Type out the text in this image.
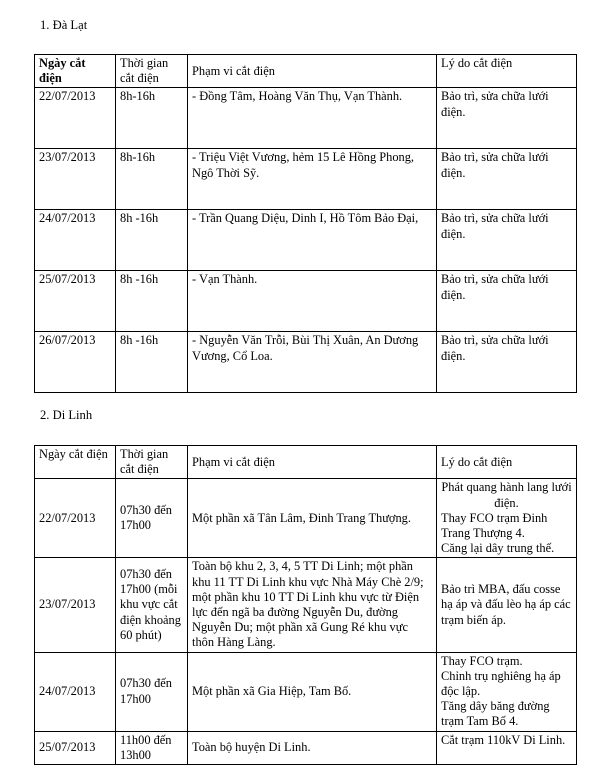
1. Đà Lạt

Ngày cắt điện	Thời gian cắt điện	Phạm vi cắt điện	Lý do cắt điện
22/07/2013	8h-16h	- Đồng Tâm, Hoàng Văn Thụ, Vạn Thành.	Bảo trì, sửa chữa lưới điện.
23/07/2013	8h-16h	- Triệu Việt Vương, hẻm 15 Lê Hồng Phong, Ngô Thời Sỹ.	Bảo trì, sửa chữa lưới điện.
24/07/2013	8h -16h	- Trần Quang Diệu, Dinh I, Hồ Tôm Bảo Đại,	Bảo trì, sửa chữa lưới điện.
25/07/2013	8h -16h	- Vạn Thành.	Bảo trì, sửa chữa lưới điện.
26/07/2013	8h -16h	- Nguyễn Văn Trỗi, Bùi Thị Xuân, An Dương Vương, Cổ Loa.	Bảo trì, sửa chữa lưới điện.

2. Di Linh

Ngày cắt điện	Thời gian cắt điện	Phạm vi cắt điện	Lý do cắt điện
22/07/2013	07h30 đến 17h00	Một phần xã Tân Lâm, Đinh Trang Thượng.	Phát quang hành lang lưới điện.
Thay FCO trạm Đinh Trang Thượng 4.
Căng lại dây trung thế.

23/07/2013	07h30 đến 17h00 (mỗi khu vực cắt điện khoảng 60 phút)	Toàn bộ khu 2, 3, 4, 5 TT Di Linh; một phần khu 11 TT Di Linh khu vực Nhà Máy Chè 2/9; một phần khu 10 TT Di Linh khu vực từ Điện lực đến ngã ba đường Nguyễn Du, đường Nguyễn Du; một phần xã Gung Ré khu vực thôn Hàng Làng.	Bảo trì MBA, đấu cosse hạ áp và đấu lèo hạ áp các trạm biến áp.

24/07/2013	07h30 đến 17h00	Một phần xã Gia Hiệp, Tam Bố.	Thay FCO trạm.
Chỉnh trụ nghiêng hạ áp độc lập.
Tăng dây băng đường trạm Tam Bố 4.

25/07/2013	11h00 đến 13h00	Toàn bộ huyện Di Linh.	Cắt trạm 110kV Di Linh.
